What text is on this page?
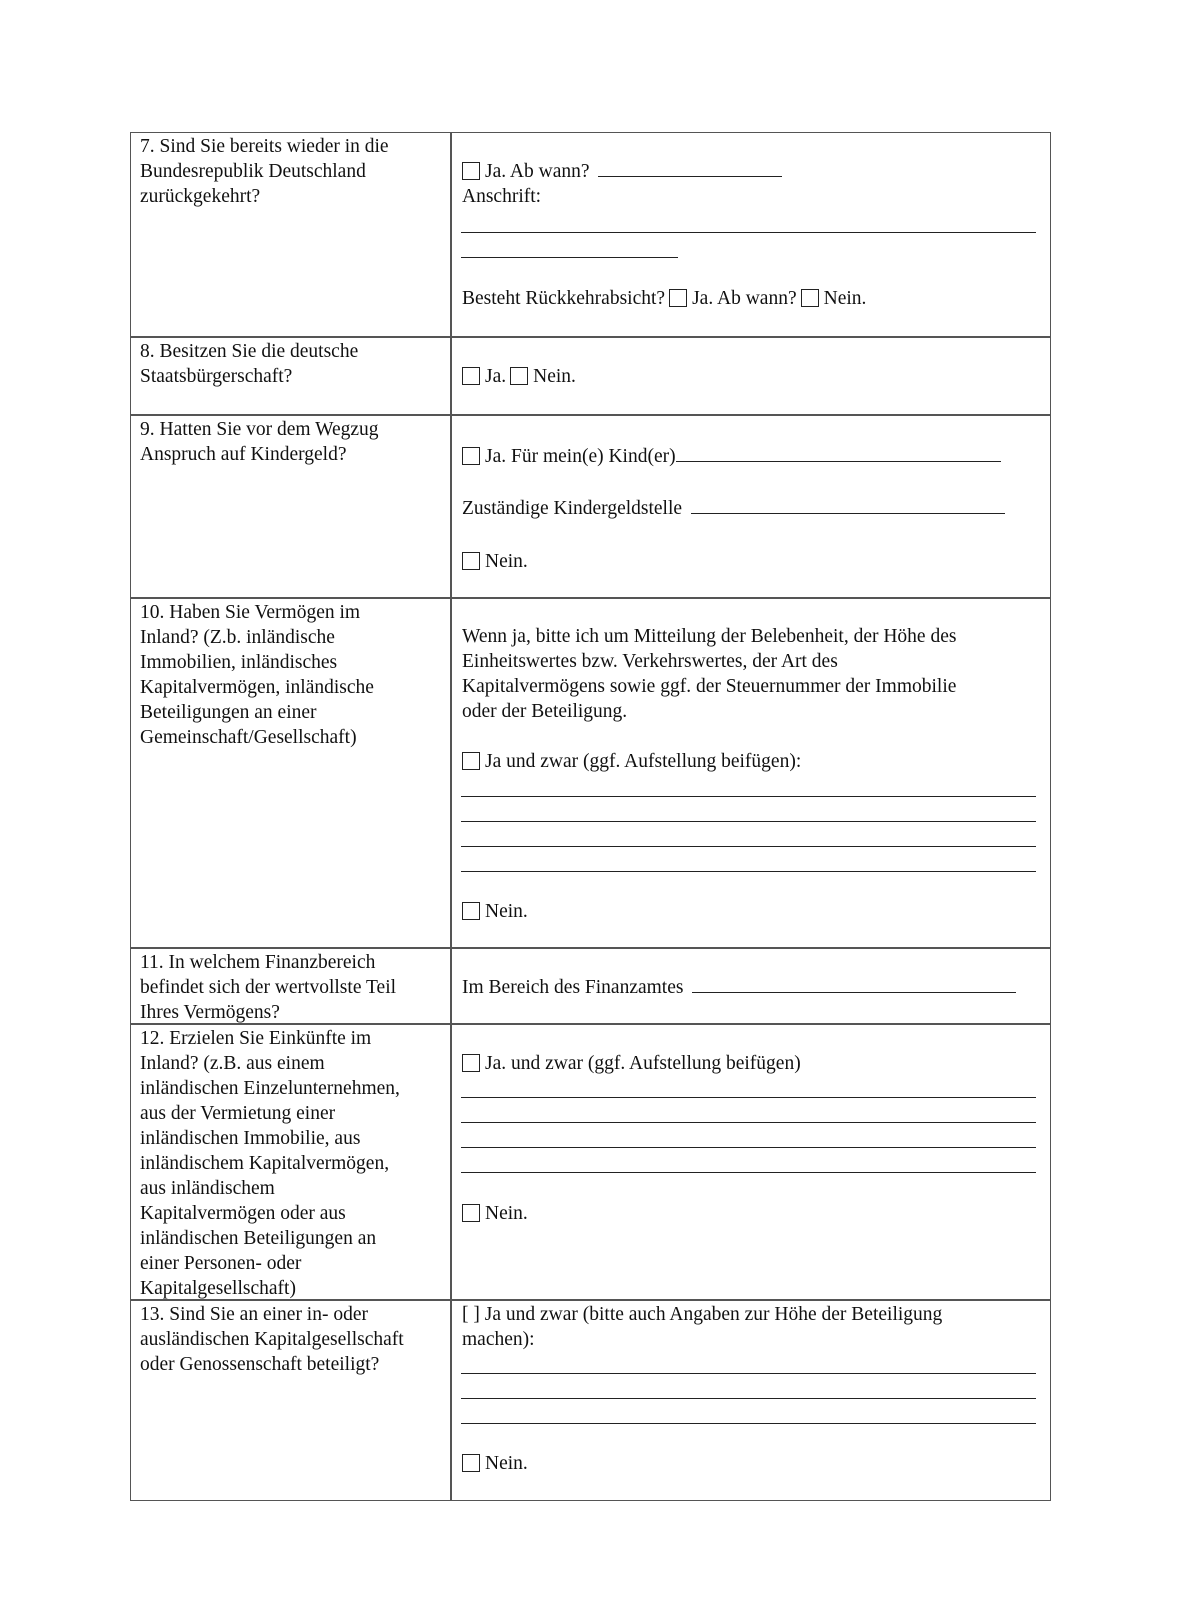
7. Sind Sie bereits wieder in die
Bundesrepublik Deutschland
zurückgekehrt?
Ja. Ab wann?
Anschrift:
Besteht Rückkehrabsicht? Ja. Ab wann? Nein.
8. Besitzen Sie die deutsche
Staatsbürgerschaft?	Ja. Nein.
9. Hatten Sie vor dem Wegzug
Anspruch auf Kindergeld?	Ja. Für mein(e) Kind(er)
Zuständige Kindergeldstelle
Nein.
10. Haben Sie Vermögen im
Inland? (Z.b. inländische
Immobilien, inländisches
Kapitalvermögen, inländische
Beteiligungen an einer
Gemeinschaft/Gesellschaft)
Wenn ja, bitte ich um Mitteilung der Belebenheit, der Höhe des
Einheitswertes bzw. Verkehrswertes, der Art des
Kapitalvermögens sowie ggf. der Steuernummer der Immobilie
oder der Beteiligung.
Ja und zwar (ggf. Aufstellung beifügen):
Nein.
11. In welchem Finanzbereich
befindet sich der wertvollste Teil
Ihres Vermögens?
Im Bereich des Finanzamtes
12. Erzielen Sie Einkünfte im
Inland? (z.B. aus einem
inländischen Einzelunternehmen,
aus der Vermietung einer
inländischen Immobilie, aus
inländischem Kapitalvermögen,
aus inländischem
Kapitalvermögen oder aus
inländischen Beteiligungen an
einer Personen- oder
Kapitalgesellschaft)
Ja. und zwar (ggf. Aufstellung beifügen)
Nein.
13. Sind Sie an einer in- oder
ausländischen Kapitalgesellschaft
oder Genossenschaft beteiligt?
[ ] Ja und zwar (bitte auch Angaben zur Höhe der Beteiligung
machen):
Nein.
